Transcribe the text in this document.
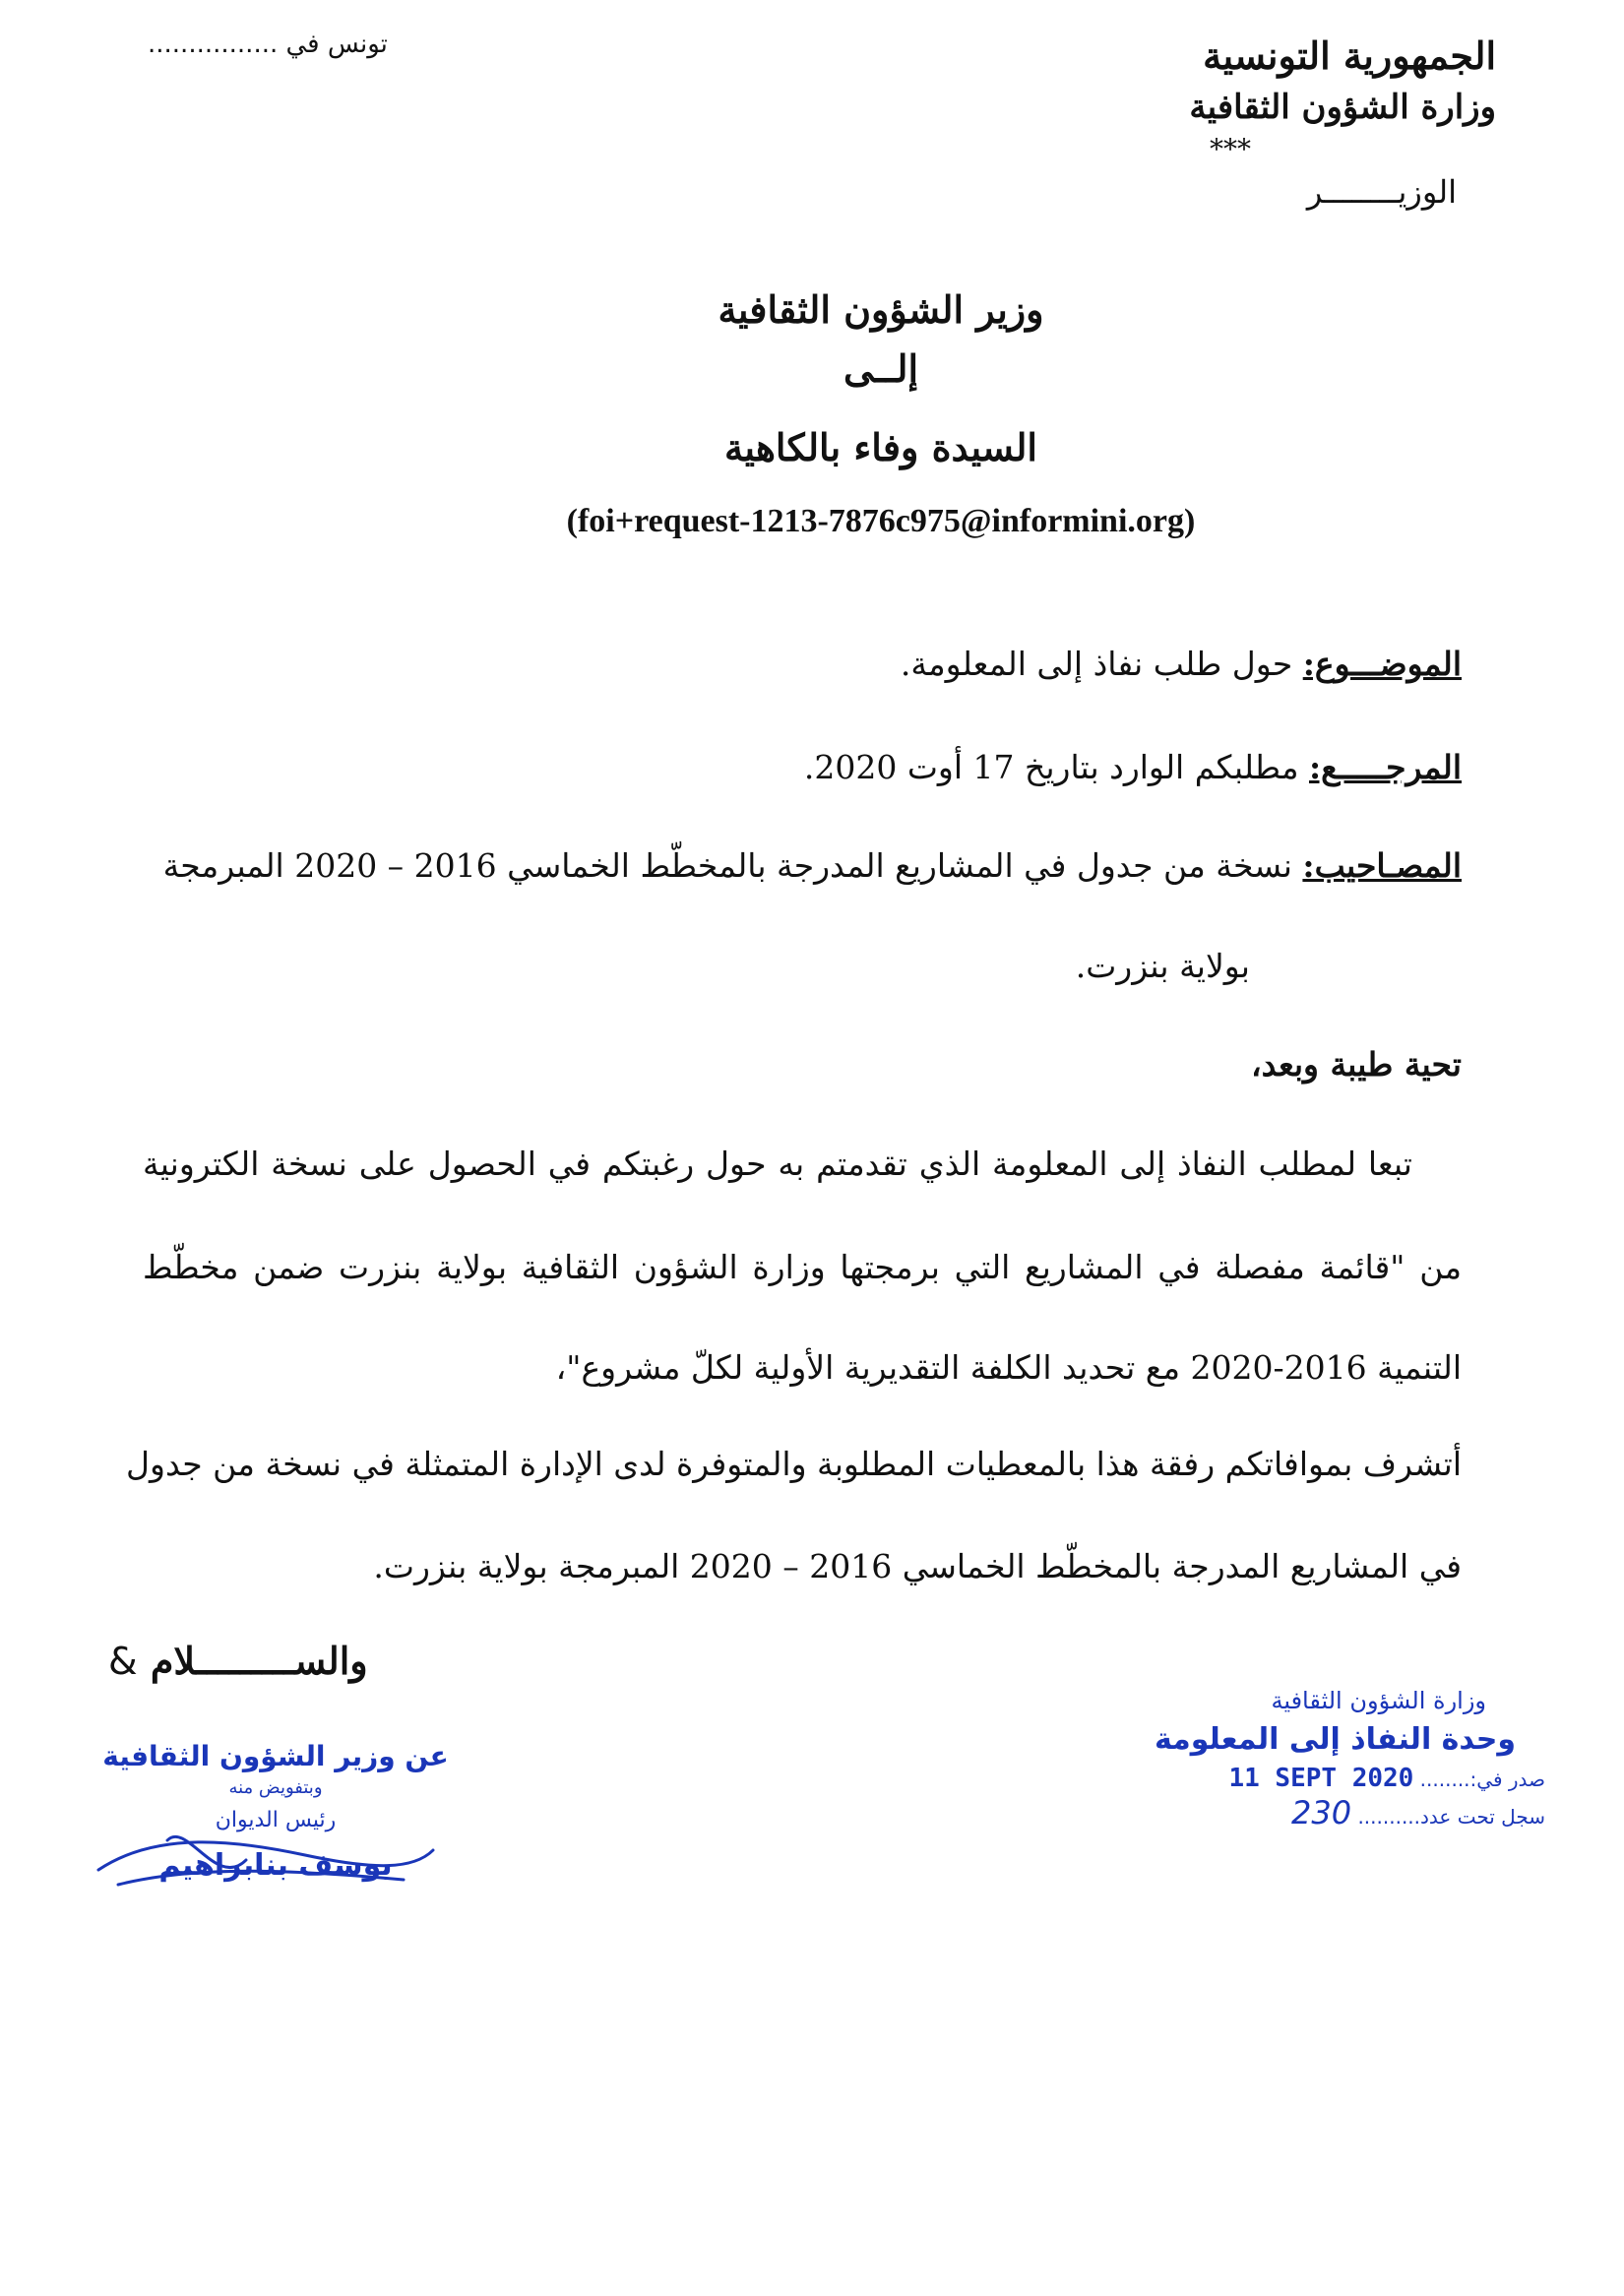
الجمهورية التونسية
وزارة الشؤون الثقافية
***
الوزيــــــــر
تونس في ................
وزير الشؤون الثقافية
إلــى
السيدة وفاء بالكاهية
(foi+request-1213-7876c975@informini.org)
الموضـــوع: حول طلب نفاذ إلى المعلومة.
المرجـــــع: مطلبكم الوارد بتاريخ 17 أوت 2020.
المصـاحيب: نسخة من جدول في المشاريع المدرجة بالمخطّط الخماسي 2016 – 2020 المبرمجة
بولاية بنزرت.
تحية طيبة وبعد،
تبعا لمطلب النفاذ إلى المعلومة الذي تقدمتم به حول رغبتكم في الحصول على نسخة الكترونية
من "قائمة مفصلة في المشاريع التي برمجتها وزارة الشؤون الثقافية بولاية بنزرت ضمن مخطّط
التنمية 2016-2020 مع تحديد الكلفة التقديرية الأولية لكلّ مشروع"،
أتشرف بموافاتكم رفقة هذا بالمعطيات المطلوبة والمتوفرة لدى الإدارة المتمثلة في نسخة من جدول
في المشاريع المدرجة بالمخطّط الخماسي 2016 – 2020 المبرمجة بولاية بنزرت.
والســـــــــلام &
عن وزير الشؤون الثقافية
وبتفويض منه
رئيس الديوان
يوسف بنابراهيم
وزارة الشؤون الثقافية
وحدة النفاذ إلى المعلومة
صدر في:........ 11 SEPT 2020
سجل تحت عدد.......... 230
